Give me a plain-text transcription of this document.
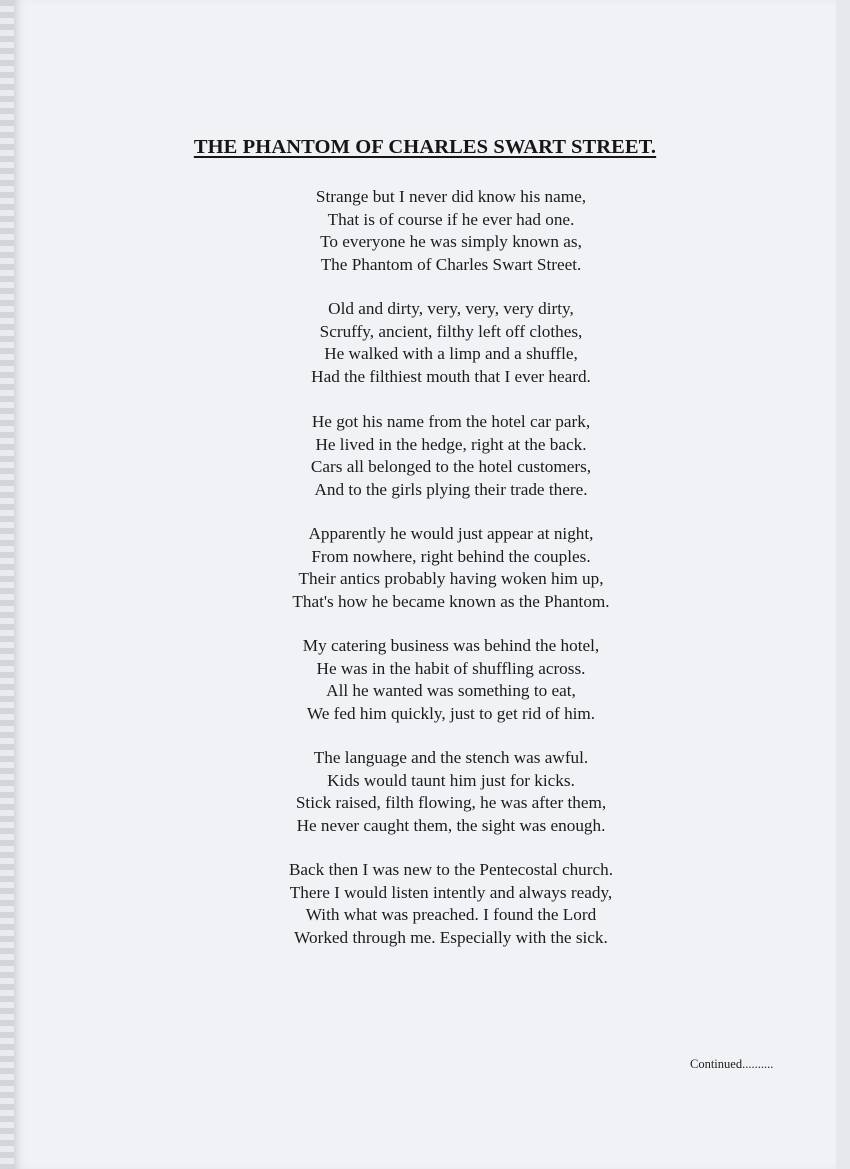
THE PHANTOM OF CHARLES SWART STREET.
Strange but I never did know his name,
That is of course if he ever had one.
To everyone he was simply known as,
The Phantom of Charles Swart Street.
Old and dirty, very, very, very dirty,
Scruffy, ancient, filthy left off clothes,
He walked with a limp and a shuffle,
Had the filthiest mouth that I ever heard.
He got his name from the hotel car park,
He lived in the hedge, right at the back.
Cars all belonged to the hotel customers,
And to the girls plying their trade there.
Apparently he would just appear at night,
From nowhere, right behind the couples.
Their antics probably having woken him up,
That's how he became known as the Phantom.
My catering business was behind the hotel,
He was in the habit of shuffling across.
All he wanted was something to eat,
We fed him quickly, just to get rid of him.
The language and the stench was awful.
Kids would taunt him just for kicks.
Stick raised, filth flowing, he was after them,
He never caught them, the sight was enough.
Back then I was new to the Pentecostal church.
There I would listen intently and always ready,
With what was preached. I found the Lord
Worked through me. Especially with the sick.
Continued..........
